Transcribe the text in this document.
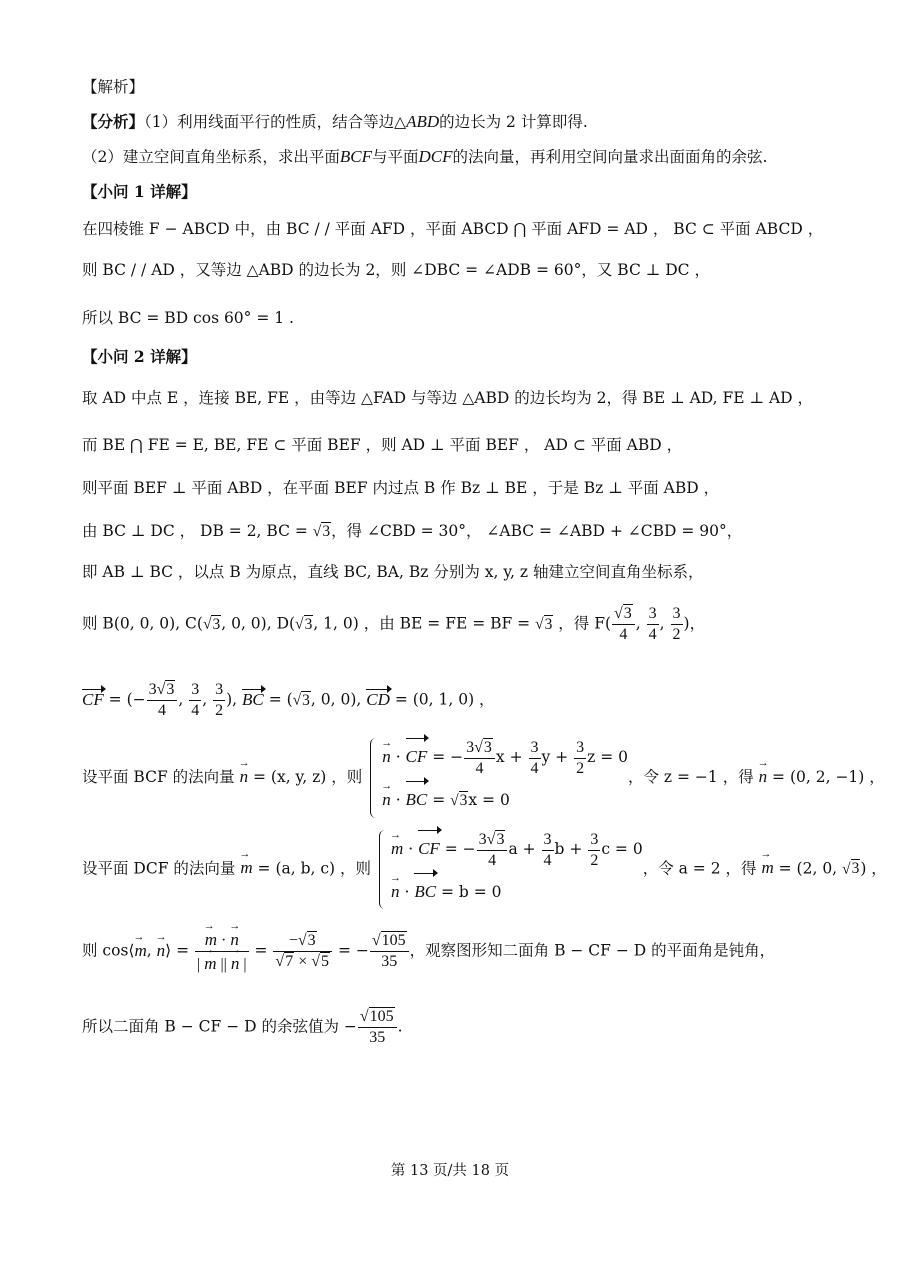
【解析】
【分析】（1）利用线面平行的性质，结合等边△ABD的边长为 2 计算即得.
（2）建立空间直角坐标系，求出平面BCF与平面DCF的法向量，再利用空间向量求出面面角的余弦.
【小问 1 详解】
在四棱锥 F − ABCD 中，由 BC / / 平面 AFD ，平面 ABCD ⋂ 平面 AFD = AD ， BC ⊂ 平面 ABCD ，
则 BC / / AD ，又等边 △ABD 的边长为 2，则 ∠DBC = ∠ADB = 60°，又 BC ⊥ DC ，
所以 BC = BD cos 60° = 1 .
【小问 2 详解】
取 AD 中点 E ，连接 BE, FE ，由等边 △FAD 与等边 △ABD 的边长均为 2，得 BE ⊥ AD, FE ⊥ AD ，
而 BE ⋂ FE = E, BE, FE ⊂ 平面 BEF ，则 AD ⊥ 平面 BEF ， AD ⊂ 平面 ABD ，
则平面 BEF ⊥ 平面 ABD ，在平面 BEF 内过点 B 作 Bz ⊥ BE ，于是 Bz ⊥ 平面 ABD ，
由 BC ⊥ DC ， DB = 2, BC = √3，得 ∠CBD = 30°， ∠ABC = ∠ABD + ∠CBD = 90°，
即 AB ⊥ BC ，以点 B 为原点，直线 BC, BA, Bz 分别为 x, y, z 轴建立空间直角坐标系，
则 B(0, 0, 0), C(√3, 0, 0), D(√3, 1, 0) ，由 BE = FE = BF = √3 ，得 $F( \frac{√3}{4}$ , $\frac{3}{4}$ , $\frac{3}{2}$ )，
CF = (− $\frac{3√3}{4}$ , $\frac{3}{4}$ , $\frac{3}{2}$ ), BC = (√3, 0, 0), CD = (0, 1, 0) ，
设平面 BCF 的法向量 → n = (x, y, z) ，则
→ n · CF = − $\frac{3√3}{4}$ $x + \frac{3}{4}$ $y + \frac{3}{2}$ z = 0
→ n · BC = √3x = 0
，令 z = −1 ，得 → n = (0, 2, −1) ，
设平面 DCF 的法向量 → m = (a, b, c) ，则
→ m · CF = − $\frac{3√3}{4}$ $a + \frac{3}{4}$ $b + \frac{3}{2}$ c = 0
→ n · BC = b = 0
，令 a = 2 ，得 → m = (2, 0, √3) ，
则 cos⟨→ m, → n⟩ =
→ $\frac{m \cdot \to n}{| \to m || \to n |} = \frac{-√3}{√7 \times √5}$ = − $\frac{√105}{35}$ ，观察图形知二面角 B − CF − D 的平面角是钝角，
所以二面角 B − CF − D 的余弦值为 − $\frac{√105}{35}$ .
第 13 页/共 18 页
